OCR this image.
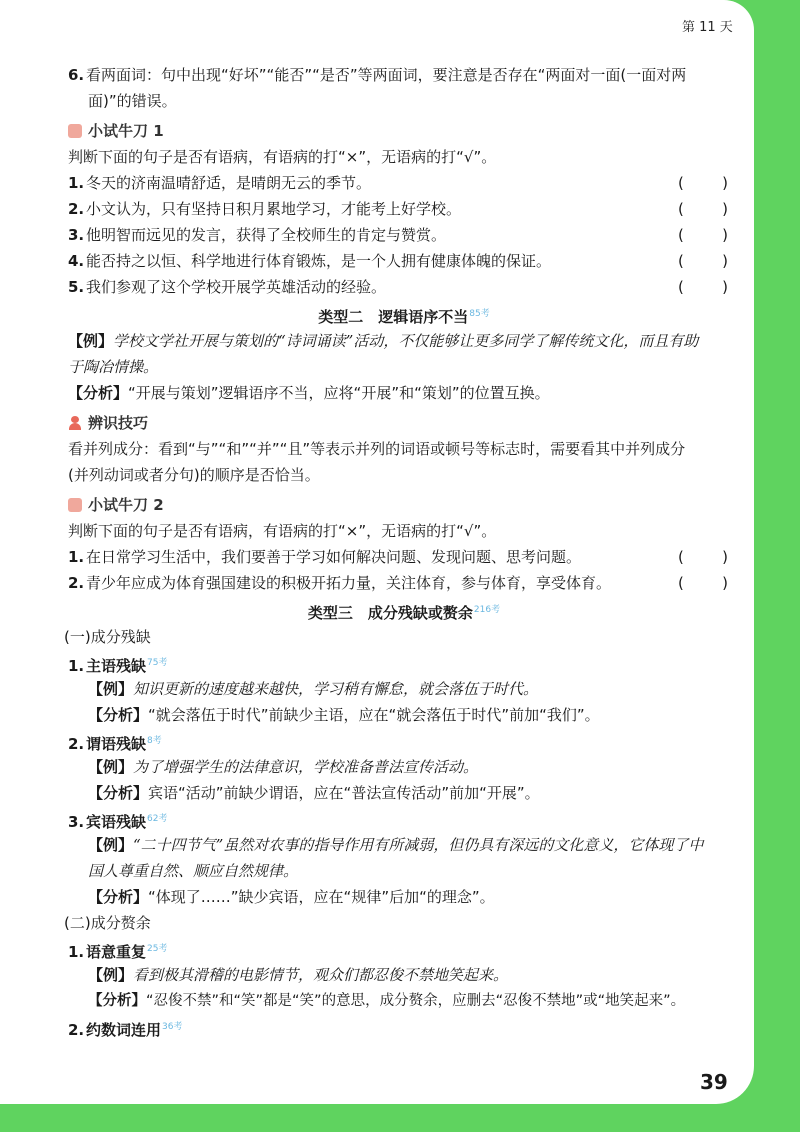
第 11 天
6. 看两面词：句中出现“好坏”“能否”“是否”等两面词，要注意是否存在“两面对一面(一面对两
面)”的错误。
小试牛刀 1
判断下面的句子是否有语病，有语病的打“×”，无语病的打“√”。
1. 冬天的济南温晴舒适，是晴朗无云的季节。	(	)
2. 小文认为，只有坚持日积月累地学习，才能考上好学校。	(	)
3. 他明智而远见的发言，获得了全校师生的肯定与赞赏。	(	)
4. 能否持之以恒、科学地进行体育锻炼，是一个人拥有健康体魄的保证。	(	)
5. 我们参观了这个学校开展学英雄活动的经验。	(	)
类型二　逻辑语序不当$^{85考}$
【例】学校文学社开展与策划的“诗词诵读”活动，不仅能够让更多同学了解传统文化，而且有助
于陶冶情操。
【分析】“开展与策划”逻辑语序不当，应将“开展”和“策划”的位置互换。
辨识技巧
看并列成分：看到“与”“和”“并”“且”等表示并列的词语或顿号等标志时，需要看其中并列成分
(并列动词或者分句)的顺序是否恰当。
小试牛刀 2
判断下面的句子是否有语病，有语病的打“×”，无语病的打“√”。
1. 在日常学习生活中，我们要善于学习如何解决问题、发现问题、思考问题。	(	)
2. 青少年应成为体育强国建设的积极开拓力量，关注体育，参与体育，享受体育。	(	)
类型三　成分残缺或赘余$^{216考}$
(一)成分残缺
1. 主语残缺$^{75考}$
【例】知识更新的速度越来越快，学习稍有懈怠，就会落伍于时代。
【分析】“就会落伍于时代”前缺少主语，应在“就会落伍于时代”前加“我们”。
2. 谓语残缺$^{8考}$
【例】为了增强学生的法律意识，学校准备普法宣传活动。
【分析】宾语“活动”前缺少谓语，应在“普法宣传活动”前加“开展”。
3. 宾语残缺$^{62考}$
【例】“二十四节气”虽然对农事的指导作用有所减弱，但仍具有深远的文化意义，它体现了中
国人尊重自然、顺应自然规律。
【分析】“体现了……”缺少宾语，应在“规律”后加“的理念”。
(二)成分赘余
1. 语意重复$^{25考}$
【例】看到极其滑稽的电影情节，观众们都忍俊不禁地笑起来。
【分析】“忍俊不禁”和“笑”都是“笑”的意思，成分赘余，应删去“忍俊不禁地”或“地笑起来”。
2. 约数词连用$^{36考}$
39
